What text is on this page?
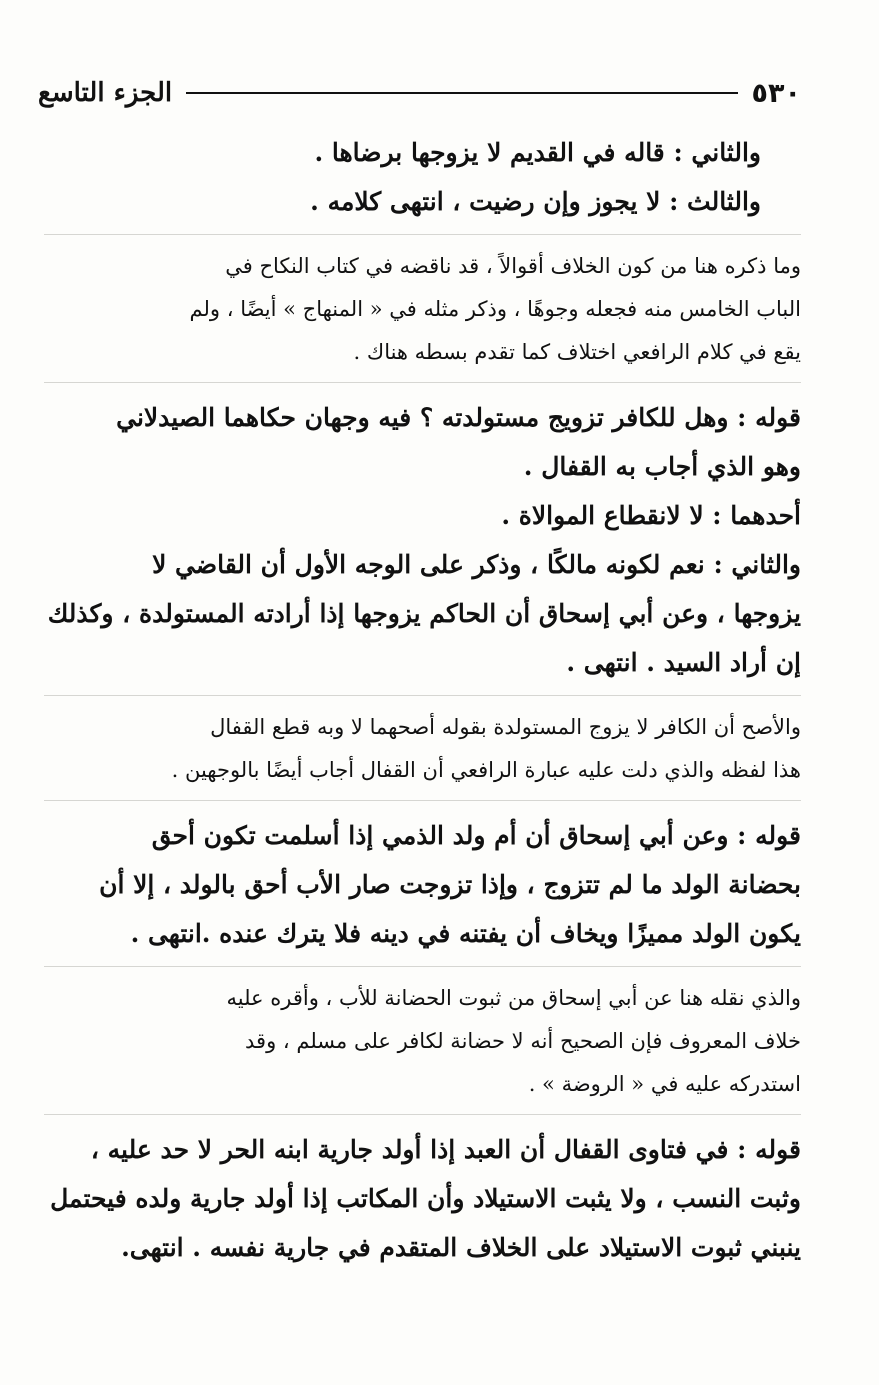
٥٣٠
الجزء التاسع

والثاني : قاله في القديم لا يزوجها برضاها .

والثالث : لا يجوز وإن رضيت ، انتهى كلامه .

وما ذكره هنا من كون الخلاف أقوالاً ، قد ناقضه في كتاب النكاح في
الباب الخامس منه فجعله وجوهًا ، وذكر مثله في « المنهاج » أيضًا ، ولم
يقع في كلام الرافعي اختلاف كما تقدم بسطه هناك .

قوله : وهل للكافر تزويج مستولدته ؟ فيه وجهان حكاهما الصيدلاني
وهو الذي أجاب به القفال .

أحدهما : لا لانقطاع الموالاة .

والثاني : نعم لكونه مالكًا ، وذكر على الوجه الأول أن القاضي لا
يزوجها ، وعن أبي إسحاق أن الحاكم يزوجها إذا أرادته المستولدة ، وكذلك
إن أراد السيد . انتهى .

والأصح أن الكافر لا يزوج المستولدة بقوله أصحهما لا وبه قطع القفال
هذا لفظه والذي دلت عليه عبارة الرافعي أن القفال أجاب أيضًا بالوجهين .

قوله : وعن أبي إسحاق أن أم ولد الذمي إذا أسلمت تكون أحق
بحضانة الولد ما لم تتزوج ، وإذا تزوجت صار الأب أحق بالولد ، إلا أن
يكون الولد مميزًا ويخاف أن يفتنه في دينه فلا يترك عنده .انتهى .

والذي نقله هنا عن أبي إسحاق من ثبوت الحضانة للأب ، وأقره عليه
خلاف المعروف فإن الصحيح أنه لا حضانة لكافر على مسلم ، وقد
استدركه عليه في « الروضة » .

قوله : في فتاوى القفال أن العبد إذا أولد جارية ابنه الحر لا حد عليه ،
وثبت النسب ، ولا يثبت الاستيلاد وأن المكاتب إذا أولد جارية ولده فيحتمل
ينبني ثبوت الاستيلاد على الخلاف المتقدم في جارية نفسه . انتهى.
